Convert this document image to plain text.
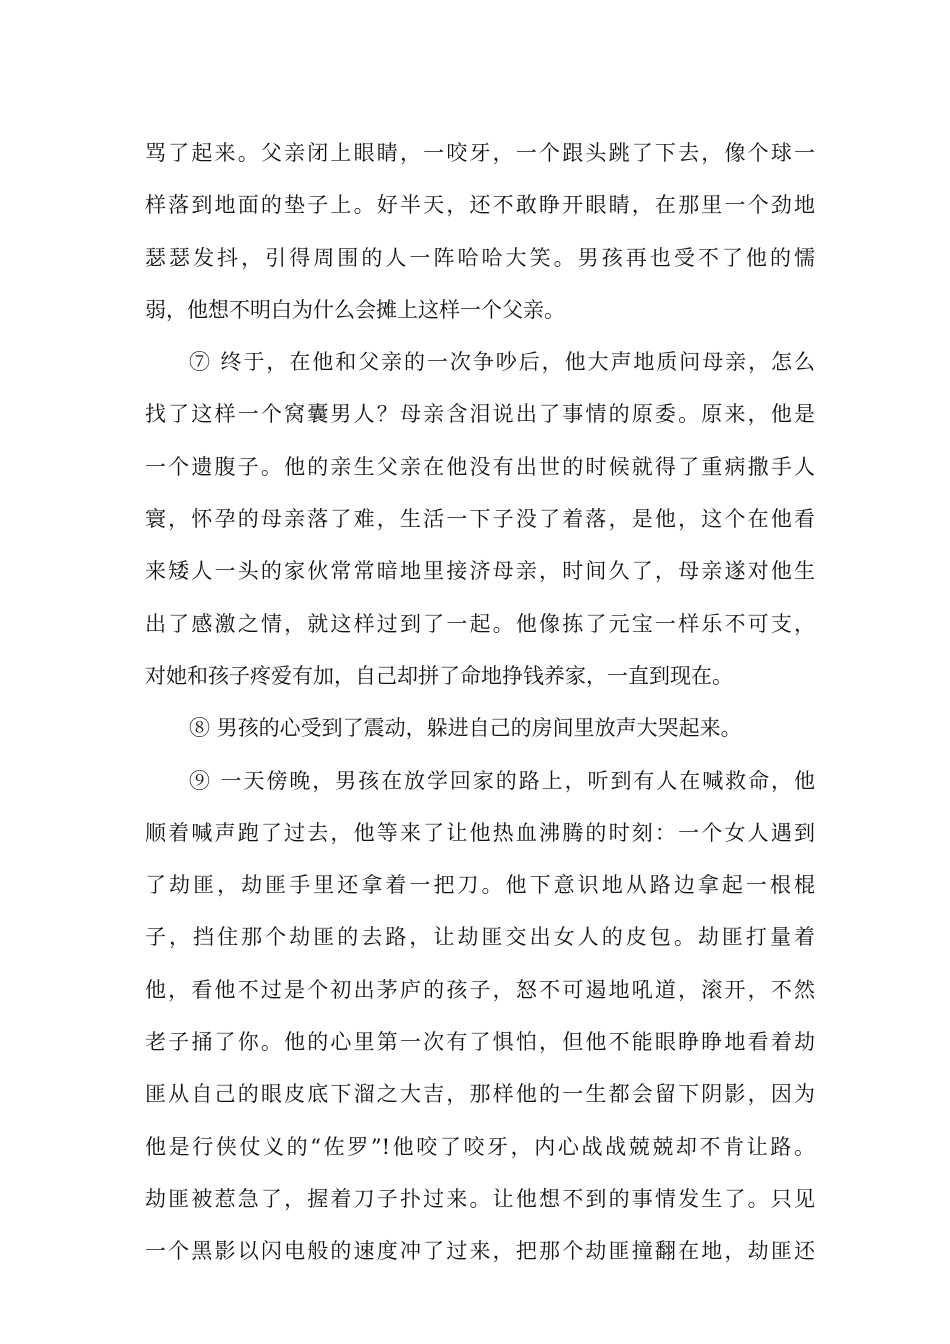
骂了起来。父亲闭上眼睛，一咬牙，一个跟头跳了下去，像个球一
样落到地面的垫子上。好半天，还不敢睁开眼睛，在那里一个劲地
瑟瑟发抖，引得周围的人一阵哈哈大笑。男孩再也受不了他的懦
弱，他想不明白为什么会摊上这样一个父亲。
⑦ 终于，在他和父亲的一次争吵后，他大声地质问母亲，怎么
找了这样一个窝囊男人？母亲含泪说出了事情的原委。原来，他是
一个遗腹子。他的亲生父亲在他没有出世的时候就得了重病撒手人
寰，怀孕的母亲落了难，生活一下子没了着落，是他，这个在他看
来矮人一头的家伙常常暗地里接济母亲，时间久了，母亲遂对他生
出了感激之情，就这样过到了一起。他像拣了元宝一样乐不可支，
对她和孩子疼爱有加，自己却拼了命地挣钱养家，一直到现在。
⑧ 男孩的心受到了震动，躲进自己的房间里放声大哭起来。
⑨ 一天傍晚，男孩在放学回家的路上，听到有人在喊救命，他
顺着喊声跑了过去，他等来了让他热血沸腾的时刻：一个女人遇到
了劫匪，劫匪手里还拿着一把刀。他下意识地从路边拿起一根棍
子，挡住那个劫匪的去路，让劫匪交出女人的皮包。劫匪打量着
他，看他不过是个初出茅庐的孩子，怒不可遏地吼道，滚开，不然
老子捅了你。他的心里第一次有了惧怕，但他不能眼睁睁地看着劫
匪从自己的眼皮底下溜之大吉，那样他的一生都会留下阴影，因为
他是行侠仗义的“佐罗”!他咬了咬牙，内心战战兢兢却不肯让路。
劫匪被惹急了，握着刀子扑过来。让他想不到的事情发生了。只见
一个黑影以闪电般的速度冲了过来，把那个劫匪撞翻在地，劫匪还
